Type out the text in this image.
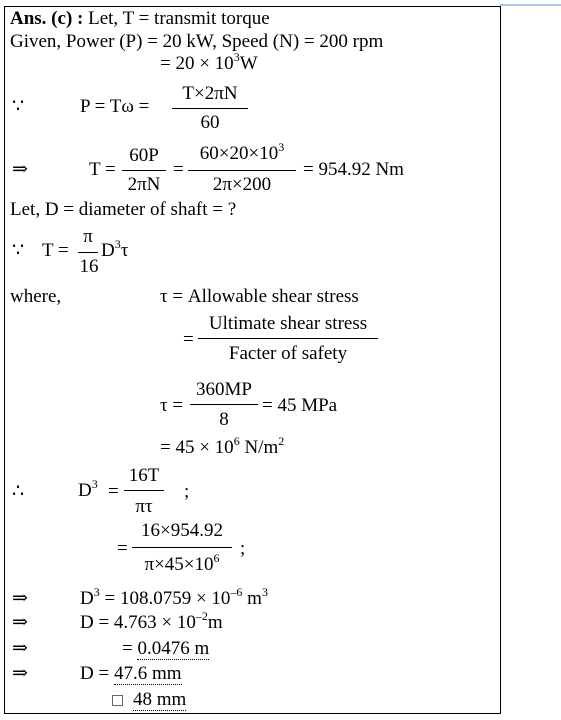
Ans. (c) : Let, T = transmit torque
Given, Power (P) = 20 kW, Speed (N) = 200 rpm
= $20 \times 10^3W$
∵	P = Tω =
T×2πN
60
⇒	T =
60P
2πN
=
$60\times 20\times 10^3$
2π×200
= 954.92 Nm
Let, D = diameter of shaft = ?
∵ T =
π
16
$D^3\tau$
where,	τ = Allowable shear stress
=
Ultimate shear stress
Facter of safety
τ =
360MP
8
= 45 MPa
= $45 \times 10^6$ $N/m^2$
∴	$D^3$ =
16T
πτ
;
=
16×954.92
$\pi\times 45\times 10^6$	;
⇒	$D^3 = 108.0759 \times 10^{-6}$ $m^3$
⇒	$D = 4.763 \times 10^{-2}m$
⇒	= 0.0476 m
⇒	D = 47.6 mm
48 mm
